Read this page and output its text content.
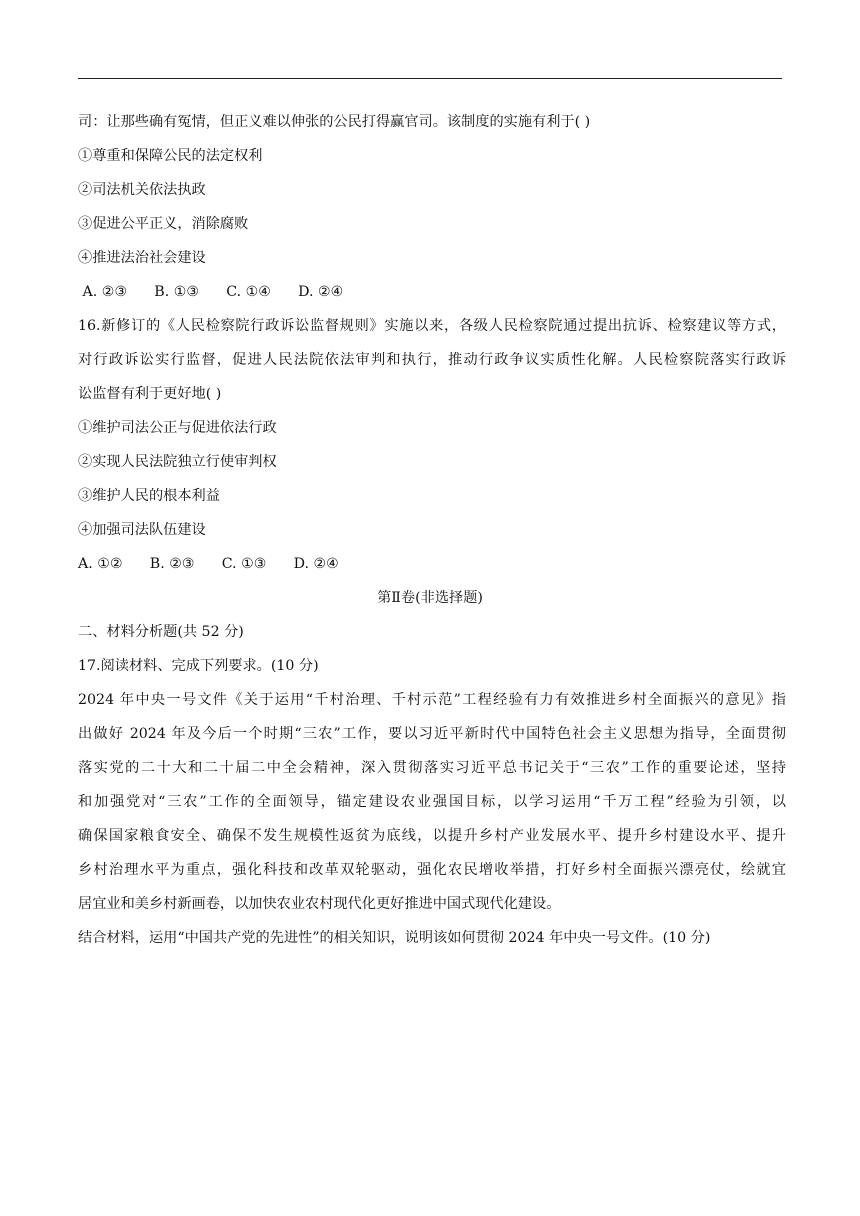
司：让那些确有冤情，但正义难以伸张的公民打得赢官司。该制度的实施有利于( )
①尊重和保障公民的法定权利
②司法机关依法执政
③促进公平正义，消除腐败
④推进法治社会建设
A. ②③      B. ①③      C. ①④      D. ②④
16.新修订的《人民检察院行政诉讼监督规则》实施以来，各级人民检察院通过提出抗诉、检察建议等方式，
对行政诉讼实行监督，促进人民法院依法审判和执行，推动行政争议实质性化解。人民检察院落实行政诉
讼监督有利于更好地( )
①维护司法公正与促进依法行政
②实现人民法院独立行使审判权
③维护人民的根本利益
④加强司法队伍建设
A. ①②      B. ②③      C. ①③      D. ②④
第Ⅱ卷(非选择题)
二、材料分析题(共 52 分)
17.阅读材料、完成下列要求。(10 分)
2024 年中央一号文件《关于运用“千村治理、千村示范”工程经验有力有效推进乡村全面振兴的意见》指
出做好 2024 年及今后一个时期“三农”工作，要以习近平新时代中国特色社会主义思想为指导，全面贯彻
落实党的二十大和二十届二中全会精神，深入贯彻落实习近平总书记关于“三农”工作的重要论述，坚持
和加强党对“三农”工作的全面领导，锚定建设农业强国目标，以学习运用“千万工程”经验为引领，以
确保国家粮食安全、确保不发生规模性返贫为底线，以提升乡村产业发展水平、提升乡村建设水平、提升
乡村治理水平为重点，强化科技和改革双轮驱动，强化农民增收举措，打好乡村全面振兴漂亮仗，绘就宜
居宜业和美乡村新画卷，以加快农业农村现代化更好推进中国式现代化建设。
结合材料，运用“中国共产党的先进性”的相关知识，说明该如何贯彻 2024 年中央一号文件。(10 分)
